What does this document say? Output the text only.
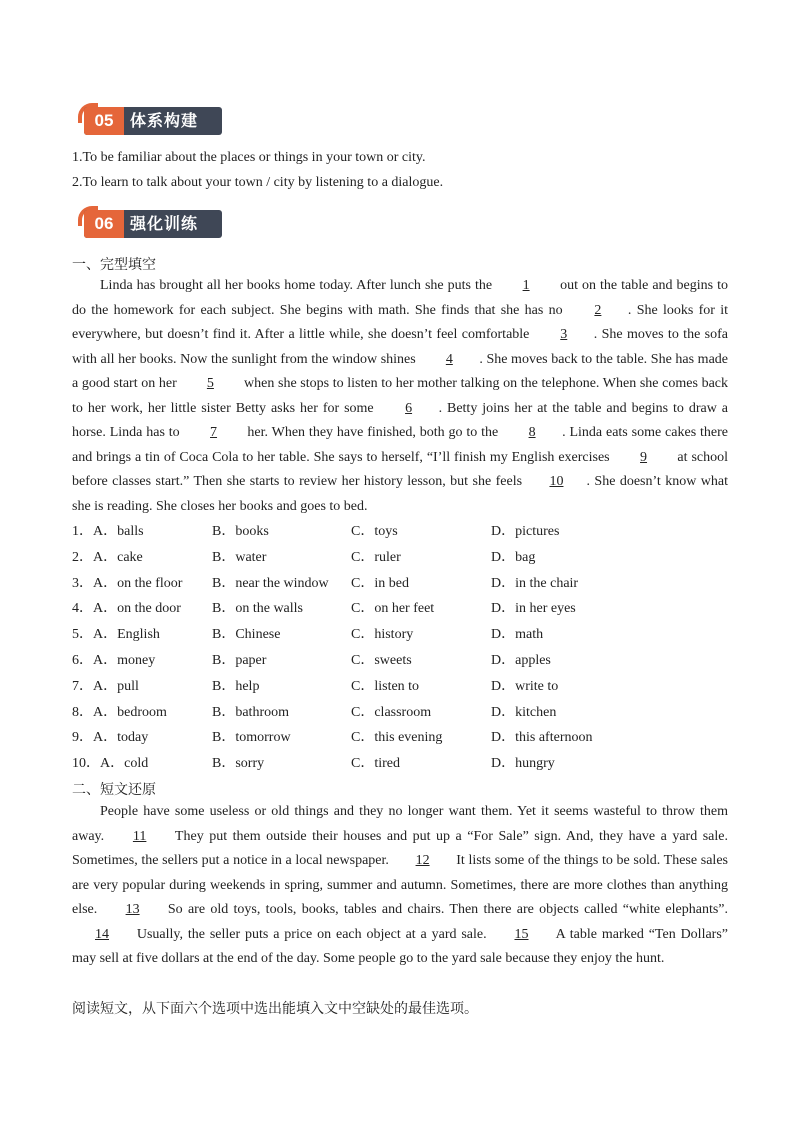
05	体系构建
1.To be familiar about the places or things in your town or city.
2.To learn to talk about your town / city by listening to a dialogue.
06	强化训练
一、完型填空

Linda has brought all her books home today. After lunch she puts the 1 out on the table and begins to do the homework for each subject. She begins with math. She finds that she has no 2 . She looks for it everywhere, but doesn’t find it. After a little while, she doesn’t feel comfortable 3 . She moves to the sofa with all her books. Now the sunlight from the window shines 4 . She moves back to the table. She has made a good start on her 5 when she stops to listen to her mother talking on the telephone. When she comes back to her work, her little sister Betty asks her for some 6 . Betty joins her at the table and begins to draw a horse. Linda has to 7 her. When they have finished, both go to the 8 . Linda eats some cakes there and brings a tin of Coca Cola to her table. She says to herself, “I’ll finish my English exercises 9 at school before classes start.” Then she starts to review her history lesson, but she feels 10 . She doesn’t know what she is reading. She closes her books and goes to bed.

1．A．balls	B．books	C．toys	D．pictures
2．A．cake	B．water	C．ruler	D．bag
3．A．on the floor B．near the window C．in bed	D．in the chair
4．A．on the door B．on the walls	C．on her feet	D．in her eyes
5．A．English	B．Chinese	C．history	D．math
6．A．money	B．paper	C．sweets	D．apples
7．A．pull	B．help	C．listen to	D．write to
8．A．bedroom	B．bathroom	C．classroom	D．kitchen
9．A．today	B．tomorrow	C．this evening	D．this afternoon
10．A．cold	B．sorry	C．tired	D．hungry
二、短文还原

People have some useless or old things and they no longer want them. Yet it seems wasteful to throw them away. 11 They put them outside their houses and put up a “For Sale” sign. And, they have a yard sale. Sometimes, the sellers put a notice in a local newspaper. 12 It lists some of the things to be sold. These sales are very popular during weekends in spring, summer and autumn. Sometimes, there are more clothes than anything else. 13 So are old toys, tools, books, tables and chairs. Then there are objects called “white elephants”. 14 Usually, the seller puts a price on each object at a yard sale. 15 A table marked “Ten Dollars” may sell at five dollars at the end of the day. Some people go to the yard sale because they enjoy the hunt.

阅读短文，从下面六个选项中选出能填入文中空缺处的最佳选项。
